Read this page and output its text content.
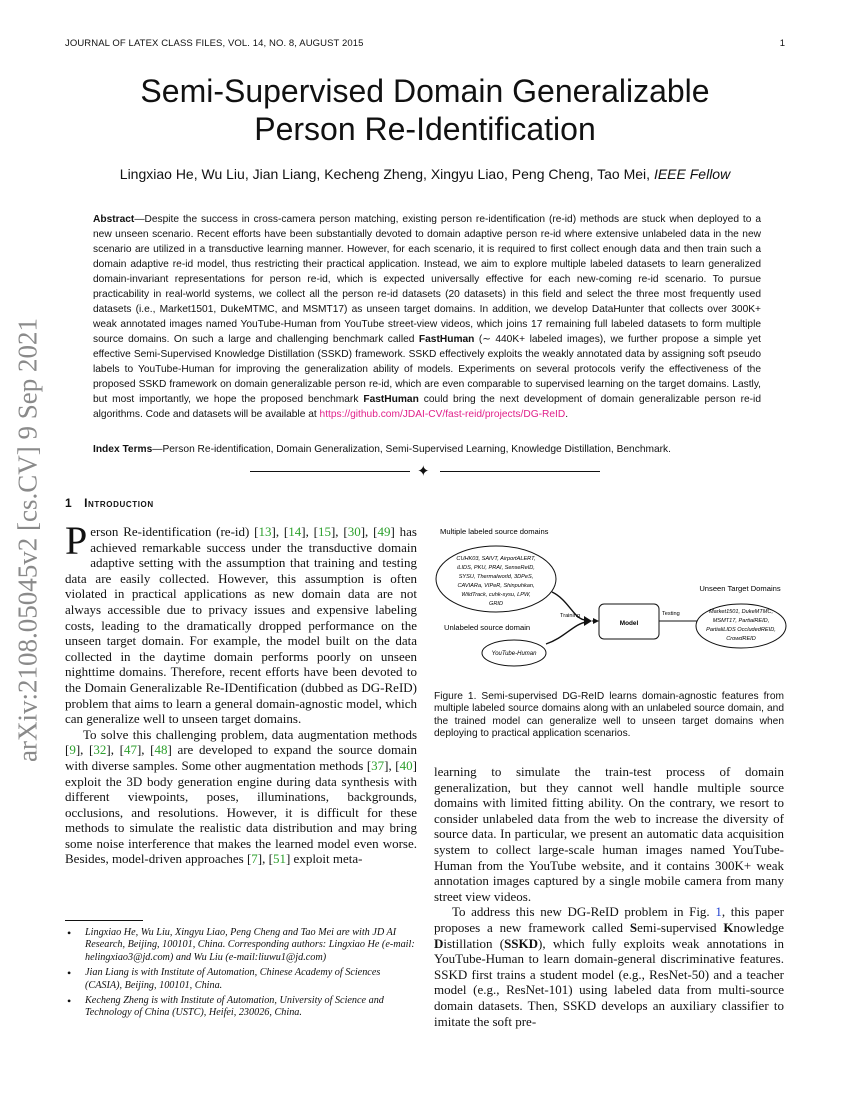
JOURNAL OF LATEX CLASS FILES, VOL. 14, NO. 8, AUGUST 2015	1
Semi-Supervised Domain Generalizable
Person Re-Identification
Lingxiao He, Wu Liu, Jian Liang, Kecheng Zheng, Xingyu Liao, Peng Cheng, Tao Mei, IEEE Fellow
Abstract—Despite the success in cross-camera person matching, existing person re-identification (re-id) methods are stuck when deployed to a new unseen scenario. Recent efforts have been substantially devoted to domain adaptive person re-id where extensive unlabeled data in the new scenario are utilized in a transductive learning manner. However, for each scenario, it is required to first collect enough data and then train such a domain adaptive re-id model, thus restricting their practical application. Instead, we aim to explore multiple labeled datasets to learn generalized domain-invariant representations for person re-id, which is expected universally effective for each new-coming re-id scenario. To pursue practicability in real-world systems, we collect all the person re-id datasets (20 datasets) in this field and select the three most frequently used datasets (i.e., Market1501, DukeMTMC, and MSMT17) as unseen target domains. In addition, we develop DataHunter that collects over 300K+ weak annotated images named YouTube-Human from YouTube street-view videos, which joins 17 remaining full labeled datasets to form multiple source domains. On such a large and challenging benchmark called FastHuman (∼ 440K+ labeled images), we further propose a simple yet effective Semi-Supervised Knowledge Distillation (SSKD) framework. SSKD effectively exploits the weakly annotated data by assigning soft pseudo labels to YouTube-Human for improving the generalization ability of models. Experiments on several protocols verify the effectiveness of the proposed SSKD framework on domain generalizable person re-id, which are even comparable to supervised learning on the target domains. Lastly, but most importantly, we hope the proposed benchmark FastHuman could bring the next development of domain generalizable person re-id algorithms. Code and datasets will be available at https://github.com/JDAI-CV/fast-reid/projects/DG-ReID.
Index Terms—Person Re-identification, Domain Generalization, Semi-Supervised Learning, Knowledge Distillation, Benchmark.
✦
arXiv:2108.05045v2 [cs.CV] 9 Sep 2021 1 Introduction

Person Re-identification (re-id) [13], [14], [15], [30], [49] has achieved remarkable success under the transductive domain adaptive setting with the assumption that training and testing data are easily collected. However, this assumption is often violated in practical applications as new domain data are not always accessible due to privacy issues and expensive labeling costs, leading to the dramatically dropped performance on the unseen target domain. For example, the model built on the data collected in the daytime domain performs poorly on unseen nighttime domains. Therefore, recent efforts have been devoted to the Domain Generalizable Re-IDentification (dubbed as DG-ReID) problem that aims to learn a general domain-agnostic model, which can generalize well to unseen target domains.

To solve this challenging problem, data augmentation methods [9], [32], [47], [48] are developed to expand the source domain with diverse samples. Some other augmentation methods [37], [40] exploit the 3D body generation engine during data synthesis with different viewpoints, poses, illuminations, backgrounds, occlusions, and resolutions. However, it is difficult for these methods to simulate the realistic data distribution and may bring some noise interference that makes the learned model even worse. Besides, model-driven approaches [7], [51] exploit meta-

• Lingxiao He, Wu Liu, Xingyu Liao, Peng Cheng and Tao Mei are with JD AI Research, Beijing, 100101, China. Corresponding authors: Lingxiao He (e-mail: helingxiao3@jd.com) and Wu Liu (e-mail:liuwu1@jd.com)
• Jian Liang is with Institute of Automation, Chinese Academy of Sciences (CASIA), Beijing, 100101, China.
• Kecheng Zheng is with Institute of Automation, University of Science and Technology of China (USTC), Heifei, 230026, China.
Multiple labeled source domains
CUHK03, SAIVT, AirportALERT,
iLIDS, PKU, PRAI, SenseReID,
SYSU, Thermalworld, 3DPeS,
CAVIARa, VIPeR, Shinpuhkan,
WildTrack, cuhk-sysu, LPW,
GRID
Unlabeled source domain
YouTube-Human
Training
Model
Testing
Unseen Target Domains
Market1501, DukeMTMC,
MSMT17, PartialREID,
PartialiLIDS OccludedREID,
CrowdREID
Figure 1. Semi-supervised DG-ReID learns domain-agnostic features from multiple labeled source domains along with an unlabeled source domain, and the trained model can generalize well to unseen target domains when deploying to practical application scenarios.

learning to simulate the train-test process of domain generalization, but they cannot well handle multiple source domains with limited fitting ability. On the contrary, we resort to consider unlabeled data from the web to increase the diversity of source data. In particular, we present an automatic data acquisition system to collect large-scale human images named YouTube-Human from the YouTube website, and it contains 300K+ weak annotation images captured by a single mobile camera from many street view videos.

To address this new DG-ReID problem in Fig. 1, this paper proposes a new framework called Semi-supervised Knowledge Distillation (SSKD), which fully exploits weak annotations in YouTube-Human to learn domain-general discriminative features. SSKD first trains a student model (e.g., ResNet-50) and a teacher model (e.g., ResNet-101) using labeled data from multi-source domain datasets. Then, SSKD develops an auxiliary classifier to imitate the soft pre-
